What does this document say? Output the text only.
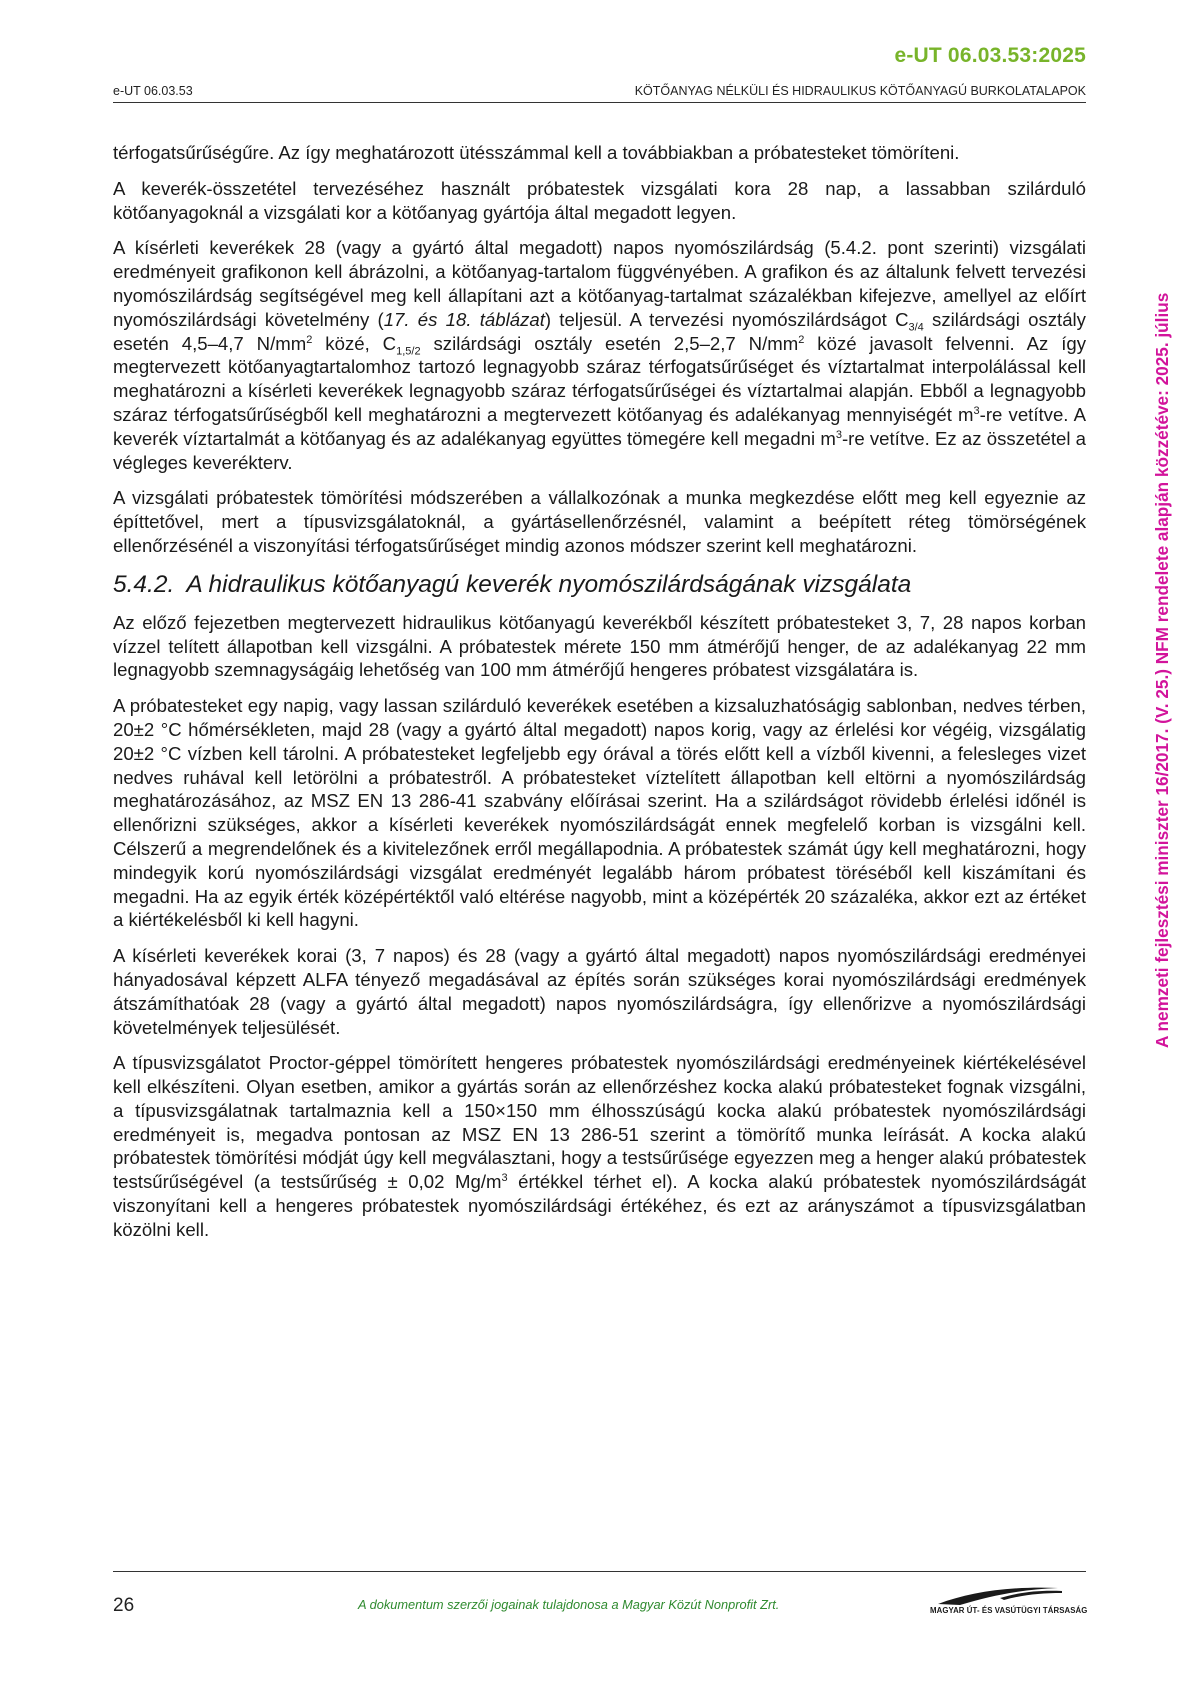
e-UT 06.03.53:2025
e-UT 06.03.53	KÖTŐANYAG NÉLKÜLI ÉS HIDRAULIKUS KÖTŐANYAGÚ BURKOLATALAPOK

térfogatsűrűségűre. Az így meghatározott ütésszámmal kell a továbbiakban a próbatesteket tömöríteni.

A keverék-összetétel tervezéséhez használt próbatestek vizsgálati kora 28 nap, a lassabban szilárduló kötőanyagoknál a vizsgálati kor a kötőanyag gyártója által megadott legyen.

A kísérleti keverékek 28 (vagy a gyártó által megadott) napos nyomószilárdság (5.4.2. pont szerinti) vizsgálati eredményeit grafikonon kell ábrázolni, a kötőanyag-tartalom függvényében. A grafikon és az általunk felvett tervezési nyomószilárdság segítségével meg kell állapítani azt a kötőanyag-tartalmat százalékban kifejezve, amellyel az előírt nyomószilárdsági követelmény (17. és 18. táblázat) teljesül. A tervezési nyomószilárdságot $C_{3/4}$ szilárdsági osztály esetén 4,5–4,7 $N/mm^2$ közé, $C_{1,5/2}$ szilárdsági osztály esetén 2,5–2,7 $N/mm^2$ közé javasolt felvenni. Az így megtervezett kötőanyagtartalomhoz tartozó legnagyobb száraz térfogatsűrűséget és víztartalmat interpolálással kell meghatározni a kísérleti keverékek legnagyobb száraz térfogatsűrűségei és víztartalmai alapján. Ebből a legnagyobb száraz térfogatsűrűségből kell meghatározni a megtervezett kötőanyag és adalékanyag mennyiségét $m^3-re$ vetítve. A keverék víztartalmát a kötőanyag és az adalékanyag együttes tömegére kell megadni $m^3-re$ vetítve. Ez az összetétel a végleges keverékterv.

A vizsgálati próbatestek tömörítési módszerében a vállalkozónak a munka megkezdése előtt meg kell egyeznie az építtetővel, mert a típusvizsgálatoknál, a gyártásellenőrzésnél, valamint a beépített réteg tömörségének ellenőrzésénél a viszonyítási térfogatsűrűséget mindig azonos módszer szerint kell meghatározni.

5.4.2. A hidraulikus kötőanyagú keverék nyomószilárdságának vizsgálata

Az előző fejezetben megtervezett hidraulikus kötőanyagú keverékből készített próbatesteket 3, 7, 28 napos korban vízzel telített állapotban kell vizsgálni. A próbatestek mérete 150 mm átmérőjű henger, de az adalékanyag 22 mm legnagyobb szemnagyságáig lehetőség van 100 mm átmérőjű hengeres próbatest vizsgálatára is.

A próbatesteket egy napig, vagy lassan szilárduló keverékek esetében a kizsaluzhatóságig sablonban, nedves térben, 20±2 °C hőmérsékleten, majd 28 (vagy a gyártó által megadott) napos korig, vagy az érlelési kor végéig, vizsgálatig 20±2 °C vízben kell tárolni. A próbatesteket legfeljebb egy órával a törés előtt kell a vízből kivenni, a felesleges vizet nedves ruhával kell letörölni a próbatestről. A próbatesteket víztelített állapotban kell eltörni a nyomószilárdság meghatározásához, az MSZ EN 13 286-41 szabvány előírásai szerint. Ha a szilárdságot rövidebb érlelési időnél is ellenőrizni szükséges, akkor a kísérleti keverékek nyomószilárdságát ennek megfelelő korban is vizsgálni kell. Célszerű a megrendelőnek és a kivitelezőnek erről megállapodnia. A próbatestek számát úgy kell meghatározni, hogy mindegyik korú nyomószilárdsági vizsgálat eredményét legalább három próbatest töréséből kell kiszámítani és megadni. Ha az egyik érték középértéktől való eltérése nagyobb, mint a középérték 20 százaléka, akkor ezt az értéket a kiértékelésből ki kell hagyni.

A kísérleti keverékek korai (3, 7 napos) és 28 (vagy a gyártó által megadott) napos nyomószilárdsági eredményei hányadosával képzett ALFA tényező megadásával az építés során szükséges korai nyomószilárdsági eredmények átszámíthatóak 28 (vagy a gyártó által megadott) napos nyomószilárdságra, így ellenőrizve a nyomószilárdsági követelmények teljesülését.

A típusvizsgálatot Proctor-géppel tömörített hengeres próbatestek nyomószilárdsági eredményeinek kiértékelésével kell elkészíteni. Olyan esetben, amikor a gyártás során az ellenőrzéshez kocka alakú próbatesteket fognak vizsgálni, a típusvizsgálatnak tartalmaznia kell a 150×150 mm élhosszúságú kocka alakú próbatestek nyomószilárdsági eredményeit is, megadva pontosan az MSZ EN 13 286-51 szerint a tömörítő munka leírását. A kocka alakú próbatestek tömörítési módját úgy kell megválasztani, hogy a testsűrűsége egyezzen meg a henger alakú próbatestek testsűrűségével (a testsűrűség ± 0,02 $Mg/m^3$ értékkel térhet el). A kocka alakú próbatestek nyomószilárdságát viszonyítani kell a hengeres próbatestek nyomószilárdsági értékéhez, és ezt az arányszámot a típusvizsgálatban közölni kell.

A nemzeti fejlesztési miniszter 16/2017. (V. 25.) NFM rendelete alapján közzétéve: 2025. július
26	A dokumentum szerzői jogainak tulajdonosa a Magyar Közút Nonprofit Zrt.	MAGYAR ÚT- ÉS VASÚTÜGYI TÁRSASÁG
